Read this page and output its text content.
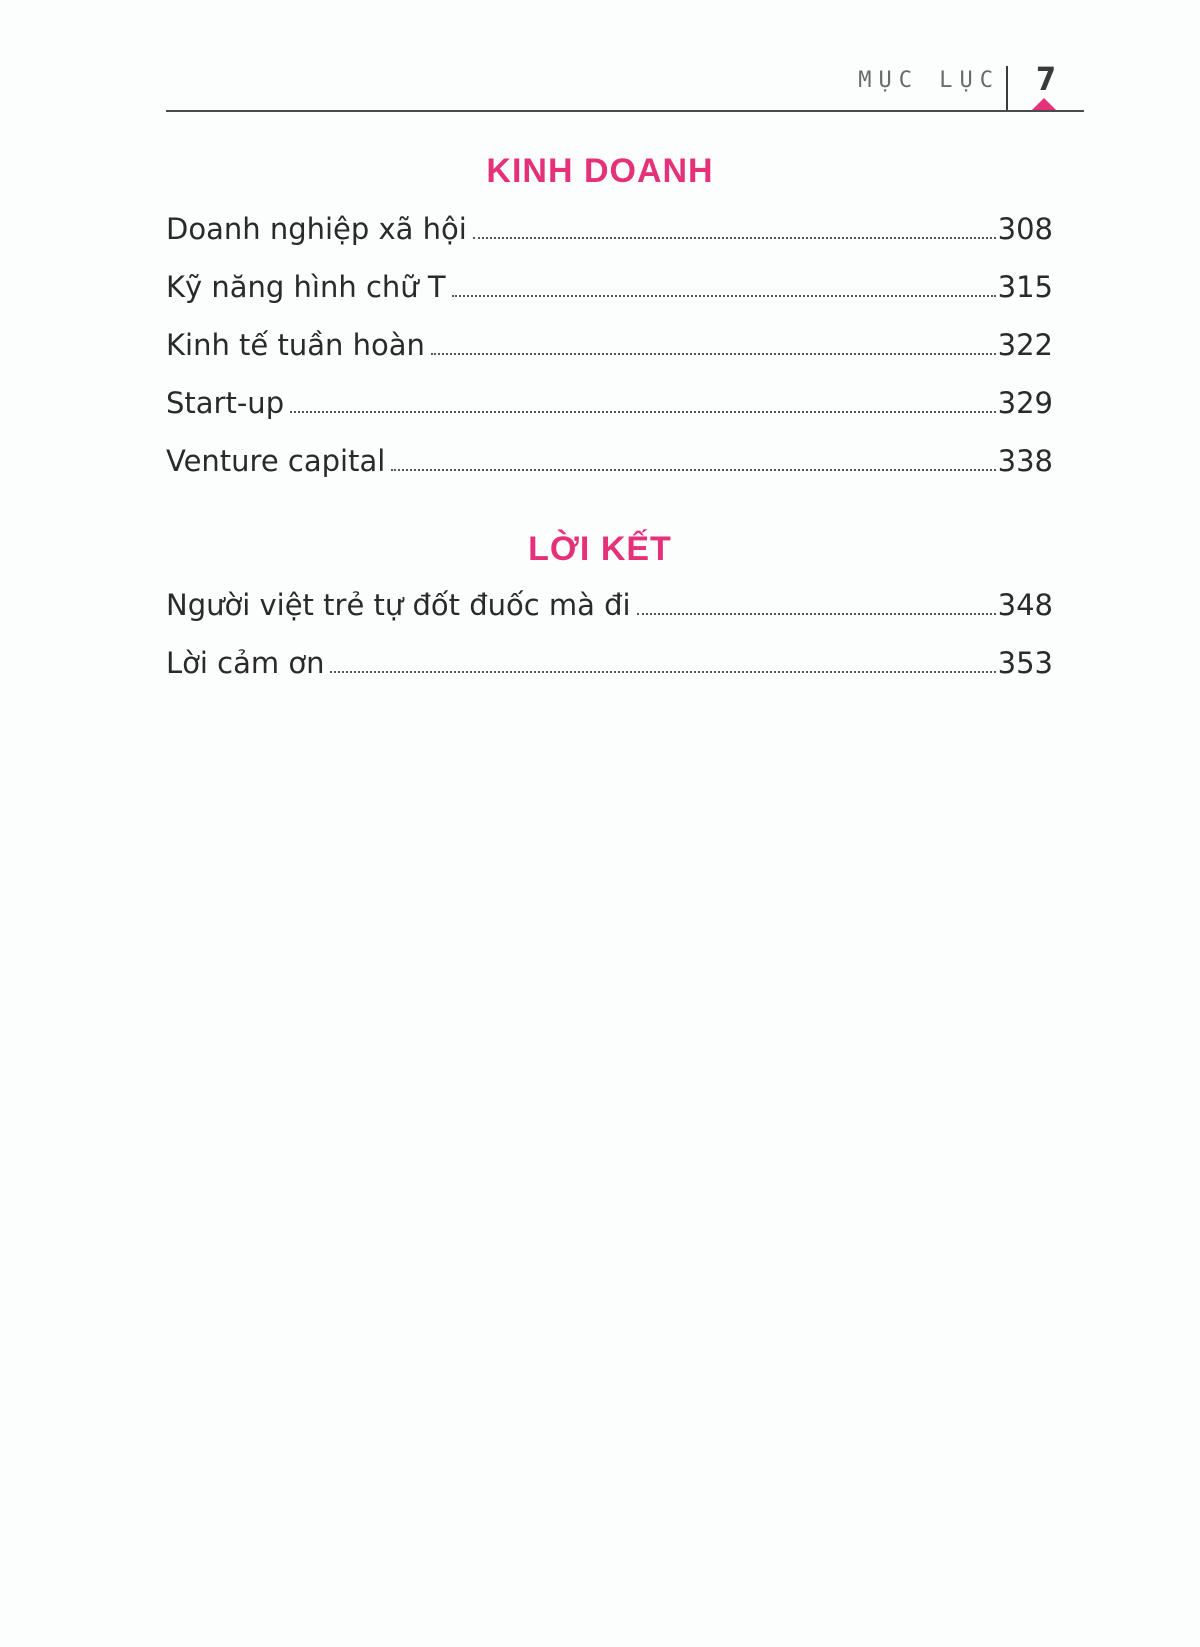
MỤC LỤC 7
KINH DOANH
Doanh nghiệp xã hội	308
Kỹ năng hình chữ T	315
Kinh tế tuần hoàn	322
Start-up	329
Venture capital	338
LỜI KẾT
Người việt trẻ tự đốt đuốc mà đi	348
Lời cảm ơn	353
